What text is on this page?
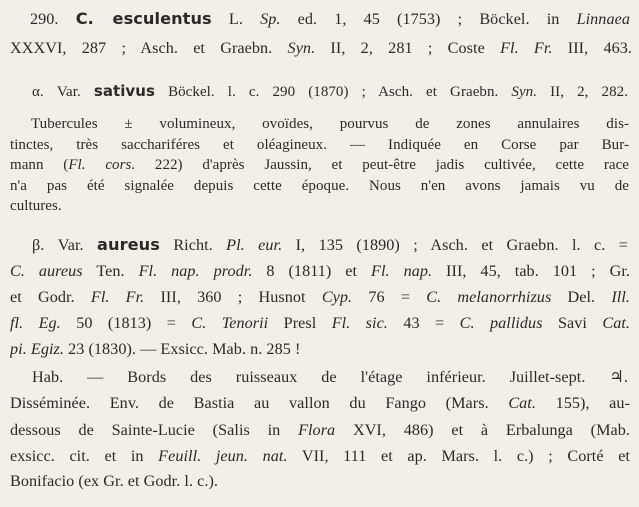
290. C. esculentus L. Sp. ed. 1, 45 (1753) ; Böckel. in Linnaea
XXXVI, 287 ; Asch. et Graebn. Syn. II, 2, 281 ; Coste Fl. Fr. III, 463.
α. Var. sativus Böckel. l. c. 290 (1870) ; Asch. et Graebn. Syn. II, 2, 282.
Tubercules ± volumineux, ovoïdes, pourvus de zones annulaires dis-
tinctes, très sacchariféres et oléagineux. — Indiquée en Corse par Bur-
mann (Fl. cors. 222) d'après Jaussin, et peut-être jadis cultivée, cette race
n'a pas été signalée depuis cette époque. Nous n'en avons jamais vu de
cultures.
β. Var. aureus Richt. Pl. eur. I, 135 (1890) ; Asch. et Graebn. l. c. =
C. aureus Ten. Fl. nap. prodr. 8 (1811) et Fl. nap. III, 45, tab. 101 ; Gr.
et Godr. Fl. Fr. III, 360 ; Husnot Cyp. 76 = C. melanorrhizus Del. Ill.
fl. Eg. 50 (1813) = C. Tenorii Presl Fl. sic. 43 = C. pallidus Savi Cat.
pi. Egiz. 23 (1830). — Exsicc. Mab. n. 285 !
Hab. — Bords des ruisseaux de l'étage inférieur. Juillet-sept. ♃.
Disséminée. Env. de Bastia au vallon du Fango (Mars. Cat. 155), au-
dessous de Sainte-Lucie (Salis in Flora XVI, 486) et à Erbalunga (Mab.
exsicc. cit. et in Feuill. jeun. nat. VII, 111 et ap. Mars. l. c.) ; Corté et
Bonifacio (ex Gr. et Godr. l. c.).
